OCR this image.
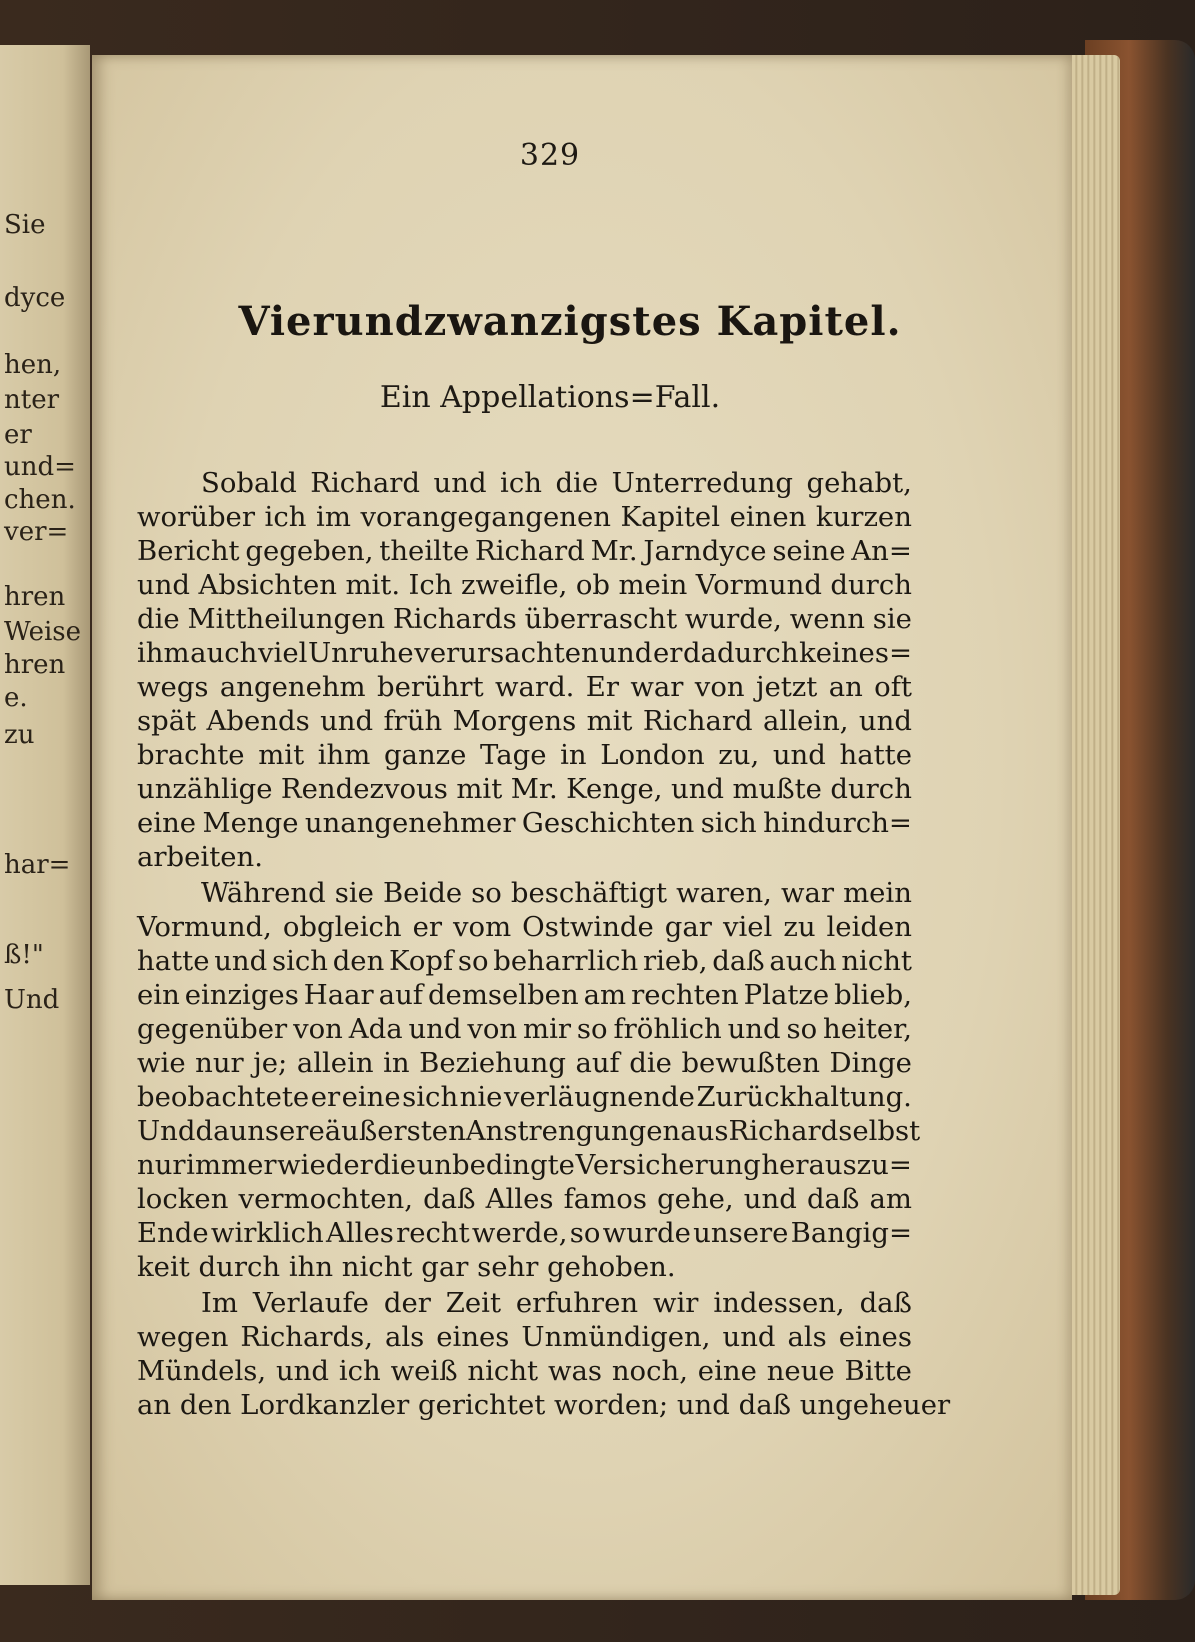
Sie
dyce
hen,
nter
er
und=
chen.
ver=
hren
Weise
hren
e.
zu
har=
ß!"
Und
329
Vierundzwanzigstes Kapitel.
Ein Appellations=Fall.
Sobald Richard und ich die Unterredung gehabt,
worüber ich im vorangegangenen Kapitel einen kurzen
Bericht gegeben, theilte Richard Mr. Jarndyce seine An=
und Absichten mit. Ich zweifle, ob mein Vormund durch
die Mittheilungen Richards überrascht wurde, wenn sie
ihm auch viel Unruhe verursachten und er dadurch keines=
wegs angenehm berührt ward. Er war von jetzt an oft
spät Abends und früh Morgens mit Richard allein, und
brachte mit ihm ganze Tage in London zu, und hatte
unzählige Rendezvous mit Mr. Kenge, und mußte durch
eine Menge unangenehmer Geschichten sich hindurch=
arbeiten.
Während sie Beide so beschäftigt waren, war mein
Vormund, obgleich er vom Ostwinde gar viel zu leiden
hatte und sich den Kopf so beharrlich rieb, daß auch nicht
ein einziges Haar auf demselben am rechten Platze blieb,
gegenüber von Ada und von mir so fröhlich und so heiter,
wie nur je; allein in Beziehung auf die bewußten Dinge
beobachtete er eine sich nie verläugnende Zurückhaltung.
Und da unsere äußersten Anstrengungen aus Richard selbst
nur immer wieder die unbedingte Versicherung herauszu=
locken vermochten, daß Alles famos gehe, und daß am
Ende wirklich Alles recht werde, so wurde unsere Bangig=
keit durch ihn nicht gar sehr gehoben.
Im Verlaufe der Zeit erfuhren wir indessen, daß
wegen Richards, als eines Unmündigen, und als eines
Mündels, und ich weiß nicht was noch, eine neue Bitte
an den Lordkanzler gerichtet worden; und daß ungeheuer
